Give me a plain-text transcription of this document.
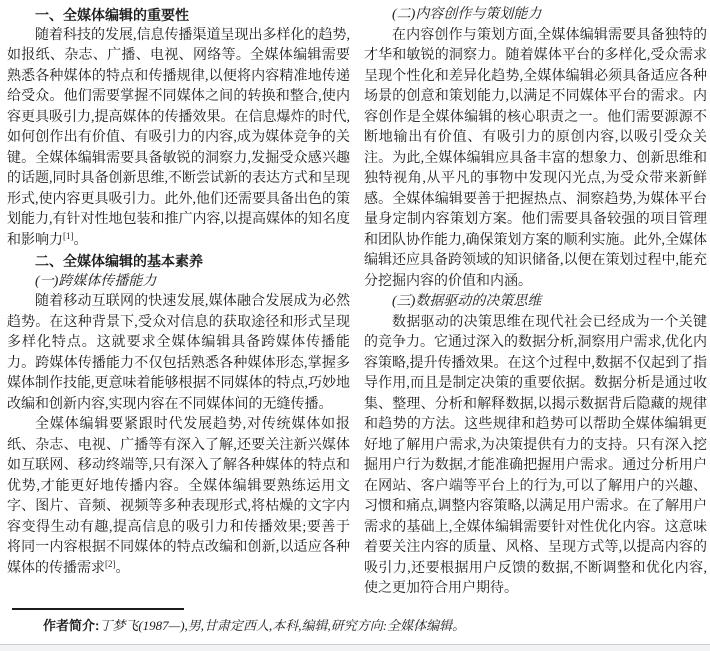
一、全媒体编辑的重要性

随着科技的发展,信息传播渠道呈现出多样化的趋势,如报纸、杂志、广播、电视、网络等。全媒体编辑需要熟悉各种媒体的特点和传播规律,以便将内容精准地传递给受众。他们需要掌握不同媒体之间的转换和整合,使内容更具吸引力,提高媒体的传播效果。在信息爆炸的时代,如何创作出有价值、有吸引力的内容,成为媒体竞争的关键。全媒体编辑需要具备敏锐的洞察力,发掘受众感兴趣的话题,同时具备创新思维,不断尝试新的表达方式和呈现形式,使内容更具吸引力。此外,他们还需要具备出色的策划能力,有针对性地包装和推广内容,以提高媒体的知名度和影响力[1]。

二、全媒体编辑的基本素养
(一)跨媒体传播能力

随着移动互联网的快速发展,媒体融合发展成为必然趋势。在这种背景下,受众对信息的获取途径和形式呈现多样化特点。这就要求全媒体编辑具备跨媒体传播能力。跨媒体传播能力不仅包括熟悉各种媒体形态,掌握多媒体制作技能,更意味着能够根据不同媒体的特点,巧妙地改编和创新内容,实现内容在不同媒体间的无缝传播。

全媒体编辑要紧跟时代发展趋势,对传统媒体如报纸、杂志、电视、广播等有深入了解,还要关注新兴媒体如互联网、移动终端等,只有深入了解各种媒体的特点和优势,才能更好地传播内容。全媒体编辑要熟练运用文字、图片、音频、视频等多种表现形式,将枯燥的文字内容变得生动有趣,提高信息的吸引力和传播效果;要善于将同一内容根据不同媒体的特点改编和创新,以适应各种媒体的传播需求[2]。

(二)内容创作与策划能力

在内容创作与策划方面,全媒体编辑需要具备独特的才华和敏锐的洞察力。随着媒体平台的多样化,受众需求呈现个性化和差异化趋势,全媒体编辑必须具备适应各种场景的创意和策划能力,以满足不同媒体平台的需求。内容创作是全媒体编辑的核心职责之一。他们需要源源不断地输出有价值、有吸引力的原创内容,以吸引受众关注。为此,全媒体编辑应具备丰富的想象力、创新思维和独特视角,从平凡的事物中发现闪光点,为受众带来新鲜感。全媒体编辑要善于把握热点、洞察趋势,为媒体平台量身定制内容策划方案。他们需要具备较强的项目管理和团队协作能力,确保策划方案的顺利实施。此外,全媒体编辑还应具备跨领域的知识储备,以便在策划过程中,能充分挖掘内容的价值和内涵。

(三)数据驱动的决策思维

数据驱动的决策思维在现代社会已经成为一个关键的竞争力。它通过深入的数据分析,洞察用户需求,优化内容策略,提升传播效果。在这个过程中,数据不仅起到了指导作用,而且是制定决策的重要依据。数据分析是通过收集、整理、分析和解释数据,以揭示数据背后隐藏的规律和趋势的方法。这些规律和趋势可以帮助全媒体编辑更好地了解用户需求,为决策提供有力的支持。只有深入挖掘用户行为数据,才能准确把握用户需求。通过分析用户在网站、客户端等平台上的行为,可以了解用户的兴趣、习惯和痛点,调整内容策略,以满足用户需求。在了解用户需求的基础上,全媒体编辑需要针对性优化内容。这意味着要关注内容的质量、风格、呈现方式等,以提高内容的吸引力,还要根据用户反馈的数据,不断调整和优化内容,使之更加符合用户期待。

作者简介:丁梦飞(1987—),男,甘肃定西人,本科,编辑,研究方向:全媒体编辑。
